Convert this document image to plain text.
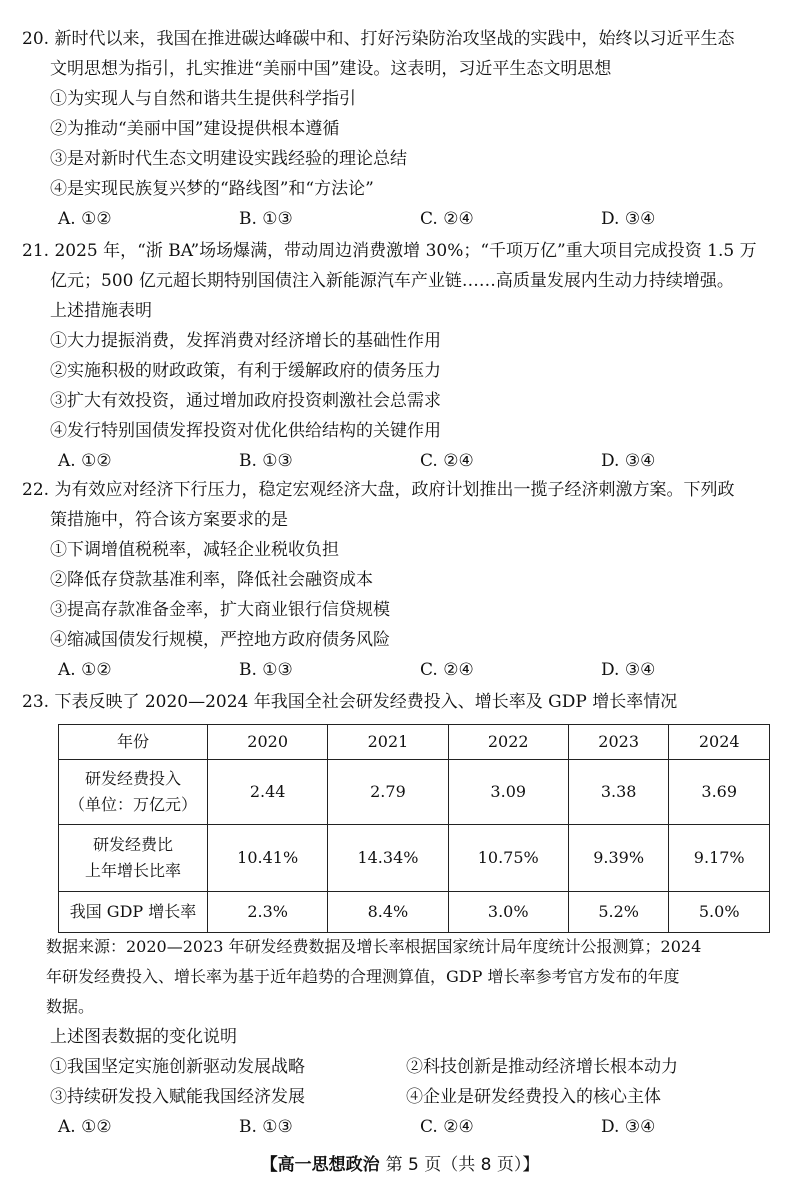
20. 新时代以来，我国在推进碳达峰碳中和、打好污染防治攻坚战的实践中，始终以习近平生态
文明思想为指引，扎实推进“美丽中国”建设。这表明，习近平生态文明思想
①为实现人与自然和谐共生提供科学指引
②为推动“美丽中国”建设提供根本遵循
③是对新时代生态文明建设实践经验的理论总结
④是实现民族复兴梦的“路线图”和“方法论”
A. ①②	B. ①③	C. ②④	D. ③④
21. 2025 年，“浙 BA”场场爆满，带动周边消费激增 30%；“千项万亿”重大项目完成投资 1.5 万
亿元；500 亿元超长期特别国债注入新能源汽车产业链……高质量发展内生动力持续增强。
上述措施表明
①大力提振消费，发挥消费对经济增长的基础性作用
②实施积极的财政政策，有利于缓解政府的债务压力
③扩大有效投资，通过增加政府投资刺激社会总需求
④发行特别国债发挥投资对优化供给结构的关键作用
A. ①②	B. ①③	C. ②④	D. ③④
22. 为有效应对经济下行压力，稳定宏观经济大盘，政府计划推出一揽子经济刺激方案。下列政
策措施中，符合该方案要求的是
①下调增值税税率，减轻企业税收负担
②降低存贷款基准利率，降低社会融资成本
③提高存款准备金率，扩大商业银行信贷规模
④缩减国债发行规模，严控地方政府债务风险
A. ①②	B. ①③	C. ②④	D. ③④
23. 下表反映了 2020—2024 年我国全社会研发经费投入、增长率及 GDP 增长率情况
年份	2020	2021	2022	2023	2024

研发经费投入
（单位：万亿元）	2.44	2.79	3.09	3.38	3.69

研发经费比
上年增长比率	10.41%	14.34%	10.75%	9.39%	9.17%
我国 GDP 增长率	2.3%	8.4%	3.0%	5.2%	5.0%
数据来源：2020—2023 年研发经费数据及增长率根据国家统计局年度统计公报测算；2024
年研发经费投入、增长率为基于近年趋势的合理测算值，GDP 增长率参考官方发布的年度
数据。
上述图表数据的变化说明
①我国坚定实施创新驱动发展战略	②科技创新是推动经济增长根本动力
③持续研发投入赋能我国经济发展	④企业是研发经费投入的核心主体
A. ①②	B. ①③	C. ②④	D. ③④
【高一思想政治 第 5 页（共 8 页）】
